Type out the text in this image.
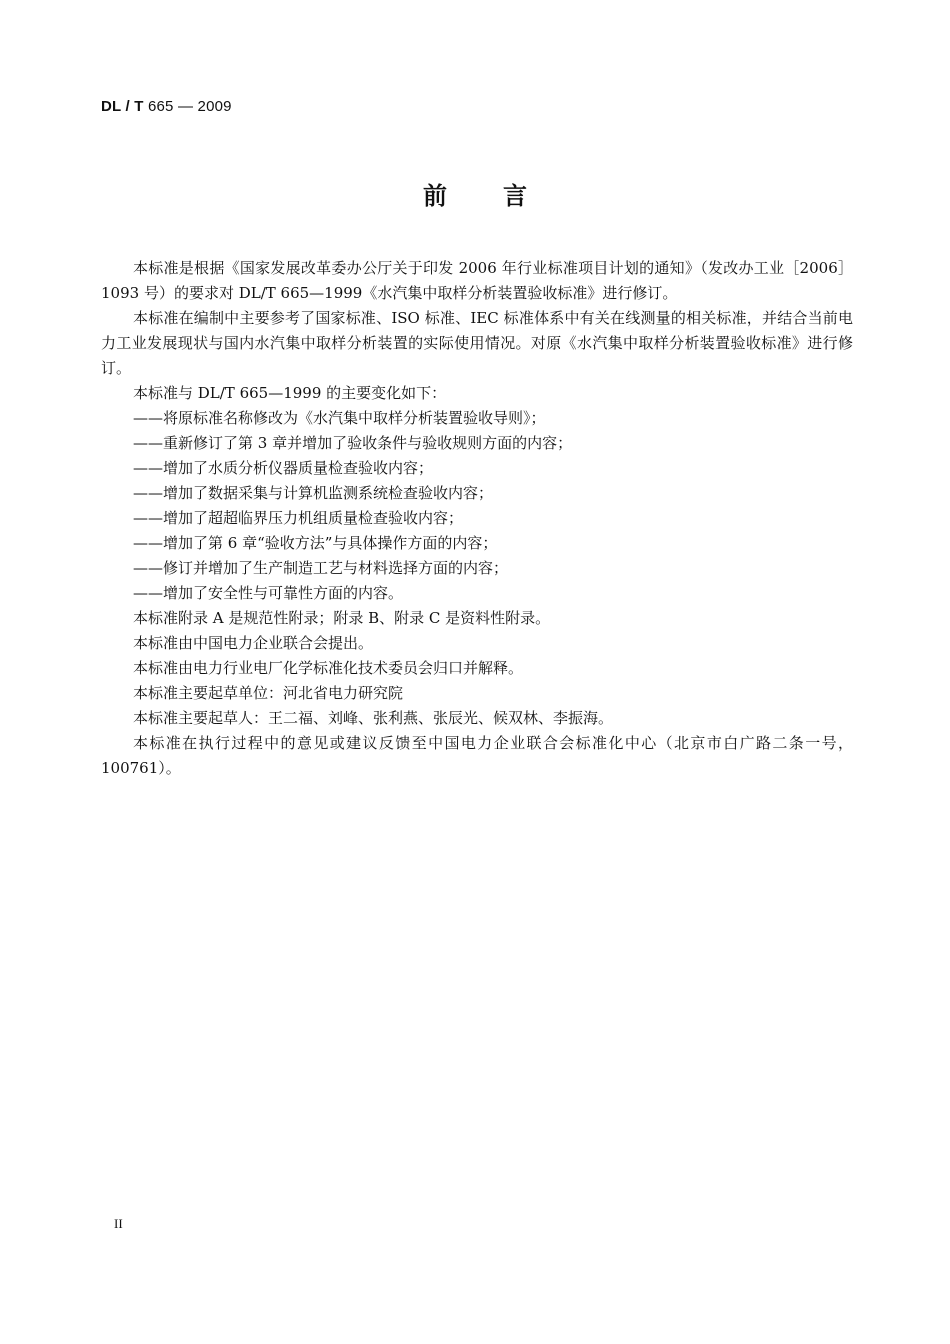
DL / T 665 — 2009
前言

本标准是根据《国家发展改革委办公厅关于印发 2006 年行业标准项目计划的通知》（发改办工业［2006］1093 号）的要求对 DL/T 665—1999《水汽集中取样分析装置验收标准》进行修订。

本标准在编制中主要参考了国家标准、ISO 标准、IEC 标准体系中有关在线测量的相关标准，并结合当前电力工业发展现状与国内水汽集中取样分析装置的实际使用情况。对原《水汽集中取样分析装置验收标准》进行修订。

本标准与 DL/T 665—1999 的主要变化如下：

——将原标准名称修改为《水汽集中取样分析装置验收导则》；

——重新修订了第 3 章并增加了验收条件与验收规则方面的内容；

——增加了水质分析仪器质量检查验收内容；

——增加了数据采集与计算机监测系统检查验收内容；

——增加了超超临界压力机组质量检查验收内容；

——增加了第 6 章“验收方法”与具体操作方面的内容；

——修订并增加了生产制造工艺与材料选择方面的内容；

——增加了安全性与可靠性方面的内容。

本标准附录 A 是规范性附录；附录 B、附录 C 是资料性附录。

本标准由中国电力企业联合会提出。

本标准由电力行业电厂化学标准化技术委员会归口并解释。

本标准主要起草单位：河北省电力研究院

本标准主要起草人：王二福、刘峰、张利燕、张辰光、候双林、李振海。

本标准在执行过程中的意见或建议反馈至中国电力企业联合会标准化中心（北京市白广路二条一号，100761）。

II
